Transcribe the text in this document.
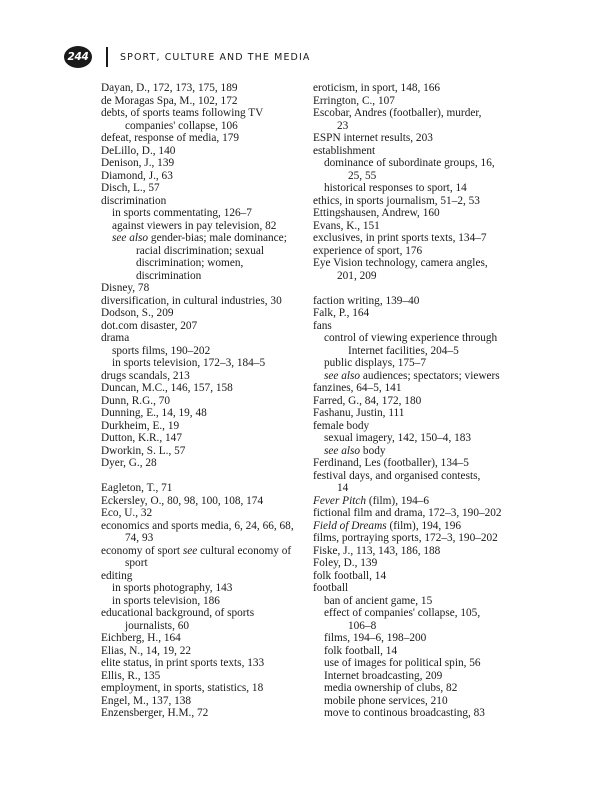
244	SPORT, CULTURE AND THE MEDIA
Dayan, D., 172, 173, 175, 189
de Moragas Spa, M., 102, 172
debts, of sports teams following TV
companies' collapse, 106
defeat, response of media, 179
DeLillo, D., 140
Denison, J., 139
Diamond, J., 63
Disch, L., 57
discrimination
in sports commentating, 126–7
against viewers in pay television, 82
see also gender-bias; male dominance;
racial discrimination; sexual
discrimination; women,
discrimination
Disney, 78
diversification, in cultural industries, 30
Dodson, S., 209
dot.com disaster, 207
drama
sports films, 190–202
in sports television, 172–3, 184–5
drugs scandals, 213
Duncan, M.C., 146, 157, 158
Dunn, R.G., 70
Dunning, E., 14, 19, 48
Durkheim, E., 19
Dutton, K.R., 147
Dworkin, S. L., 57
Dyer, G., 28
Eagleton, T., 71
Eckersley, O., 80, 98, 100, 108, 174
Eco, U., 32
economics and sports media, 6, 24, 66, 68,
74, 93
economy of sport see cultural economy of
sport
editing
in sports photography, 143
in sports television, 186
educational background, of sports
journalists, 60
Eichberg, H., 164
Elias, N., 14, 19, 22
elite status, in print sports texts, 133
Ellis, R., 135
employment, in sports, statistics, 18
Engel, M., 137, 138
Enzensberger, H.M., 72
eroticism, in sport, 148, 166
Errington, C., 107
Escobar, Andres (footballer), murder,
23
ESPN internet results, 203
establishment
dominance of subordinate groups, 16,
25, 55
historical responses to sport, 14
ethics, in sports journalism, 51–2, 53
Ettingshausen, Andrew, 160
Evans, K., 151
exclusives, in print sports texts, 134–7
experience of sport, 176
Eye Vision technology, camera angles,
201, 209
faction writing, 139–40
Falk, P., 164
fans
control of viewing experience through
Internet facilities, 204–5
public displays, 175–7
see also audiences; spectators; viewers
fanzines, 64–5, 141
Farred, G., 84, 172, 180
Fashanu, Justin, 111
female body
sexual imagery, 142, 150–4, 183
see also body
Ferdinand, Les (footballer), 134–5
festival days, and organised contests,
14
Fever Pitch (film), 194–6
fictional film and drama, 172–3, 190–202
Field of Dreams (film), 194, 196
films, portraying sports, 172–3, 190–202
Fiske, J., 113, 143, 186, 188
Foley, D., 139
folk football, 14
football
ban of ancient game, 15
effect of companies' collapse, 105,
106–8
films, 194–6, 198–200
folk football, 14
use of images for political spin, 56
Internet broadcasting, 209
media ownership of clubs, 82
mobile phone services, 210
move to continous broadcasting, 83
